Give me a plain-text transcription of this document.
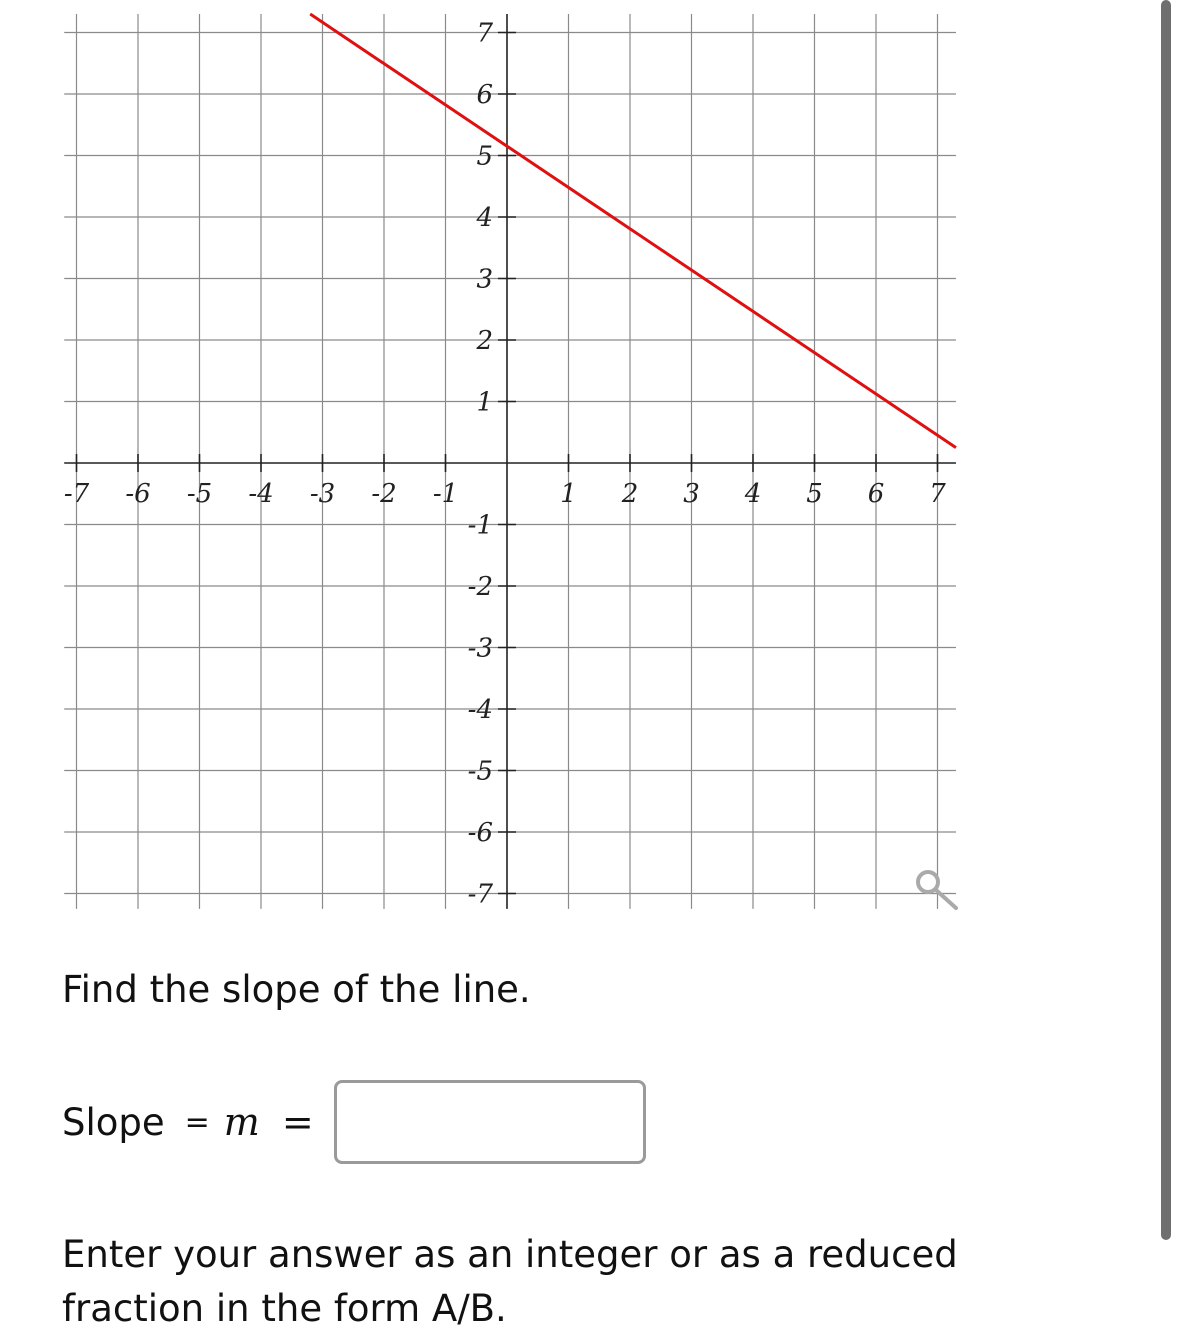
-7 -6 -5 -4 -3 -2 -1	1 2 3 4 5 6 7
7
6
5
4
3
2
1
-1
-2
-3
-4
-5
-6
-7

Find the slope of the line.

Slope = m =

Enter your answer as an integer or as a reduced fraction in the form A/B.
